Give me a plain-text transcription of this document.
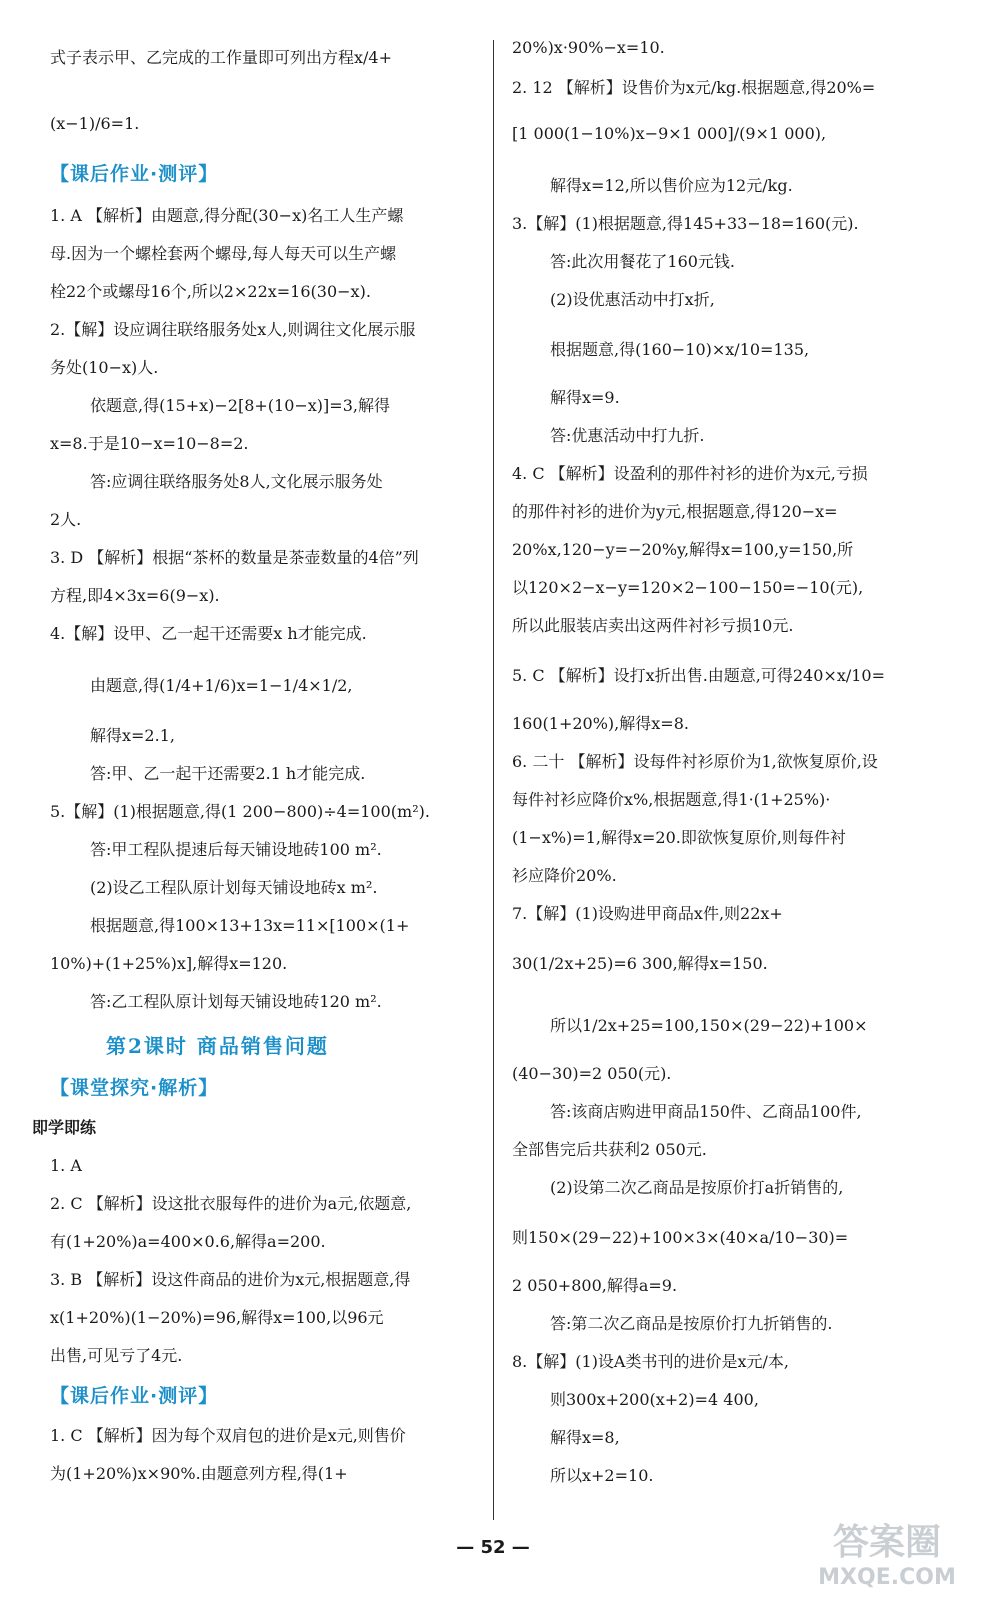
式子表示甲、乙完成的工作量即可列出方程x/4+
(x−1)/6=1.
【课后作业·测评】
1. A 【解析】由题意,得分配(30−x)名工人生产螺
母.因为一个螺栓套两个螺母,每人每天可以生产螺
栓22个或螺母16个,所以2×22x=16(30−x).
2.【解】设应调往联络服务处x人,则调往文化展示服
务处(10−x)人.
依题意,得(15+x)−2[8+(10−x)]=3,解得
x=8.于是10−x=10−8=2.
答:应调往联络服务处8人,文化展示服务处
2人.
3. D 【解析】根据“茶杯的数量是茶壶数量的4倍”列
方程,即4×3x=6(9−x).
4.【解】设甲、乙一起干还需要x h才能完成.
由题意,得(1/4+1/6)x=1−1/4×1/2,
解得x=2.1,
答:甲、乙一起干还需要2.1 h才能完成.
5.【解】(1)根据题意,得(1 200−800)÷4=100(m²).
答:甲工程队提速后每天铺设地砖100 m².
(2)设乙工程队原计划每天铺设地砖x m².
根据题意,得100×13+13x=11×[100×(1+
10%)+(1+25%)x],解得x=120.
答:乙工程队原计划每天铺设地砖120 m².
第2课时 商品销售问题
【课堂探究·解析】
即学即练
1. A
2. C 【解析】设这批衣服每件的进价为a元,依题意,
有(1+20%)a=400×0.6,解得a=200.
3. B 【解析】设这件商品的进价为x元,根据题意,得
x(1+20%)(1−20%)=96,解得x=100,以96元
出售,可见亏了4元.
【课后作业·测评】
1. C 【解析】因为每个双肩包的进价是x元,则售价
为(1+20%)x×90%.由题意列方程,得(1+
20%)x·90%−x=10.
2. 12 【解析】设售价为x元/kg.根据题意,得20%=
[1 000(1−10%)x−9×1 000]/(9×1 000),
解得x=12,所以售价应为12元/kg.
3.【解】(1)根据题意,得145+33−18=160(元).
答:此次用餐花了160元钱.
(2)设优惠活动中打x折,
根据题意,得(160−10)×x/10=135,
解得x=9.
答:优惠活动中打九折.
4. C 【解析】设盈利的那件衬衫的进价为x元,亏损
的那件衬衫的进价为y元,根据题意,得120−x=
20%x,120−y=−20%y,解得x=100,y=150,所
以120×2−x−y=120×2−100−150=−10(元),
所以此服装店卖出这两件衬衫亏损10元.
5. C 【解析】设打x折出售.由题意,可得240×x/10=
160(1+20%),解得x=8.
6. 二十 【解析】设每件衬衫原价为1,欲恢复原价,设
每件衬衫应降价x%,根据题意,得1·(1+25%)·
(1−x%)=1,解得x=20.即欲恢复原价,则每件衬
衫应降价20%.
7.【解】(1)设购进甲商品x件,则22x+
30(1/2x+25)=6 300,解得x=150.
所以1/2x+25=100,150×(29−22)+100×
(40−30)=2 050(元).
答:该商店购进甲商品150件、乙商品100件,
全部售完后共获利2 050元.
(2)设第二次乙商品是按原价打a折销售的,
则150×(29−22)+100×3×(40×a/10−30)=
2 050+800,解得a=9.
答:第二次乙商品是按原价打九折销售的.
8.【解】(1)设A类书刊的进价是x元/本,
则300x+200(x+2)=4 400,
解得x=8,
所以x+2=10.
— 52 —	答案圈
MXQE.COM
